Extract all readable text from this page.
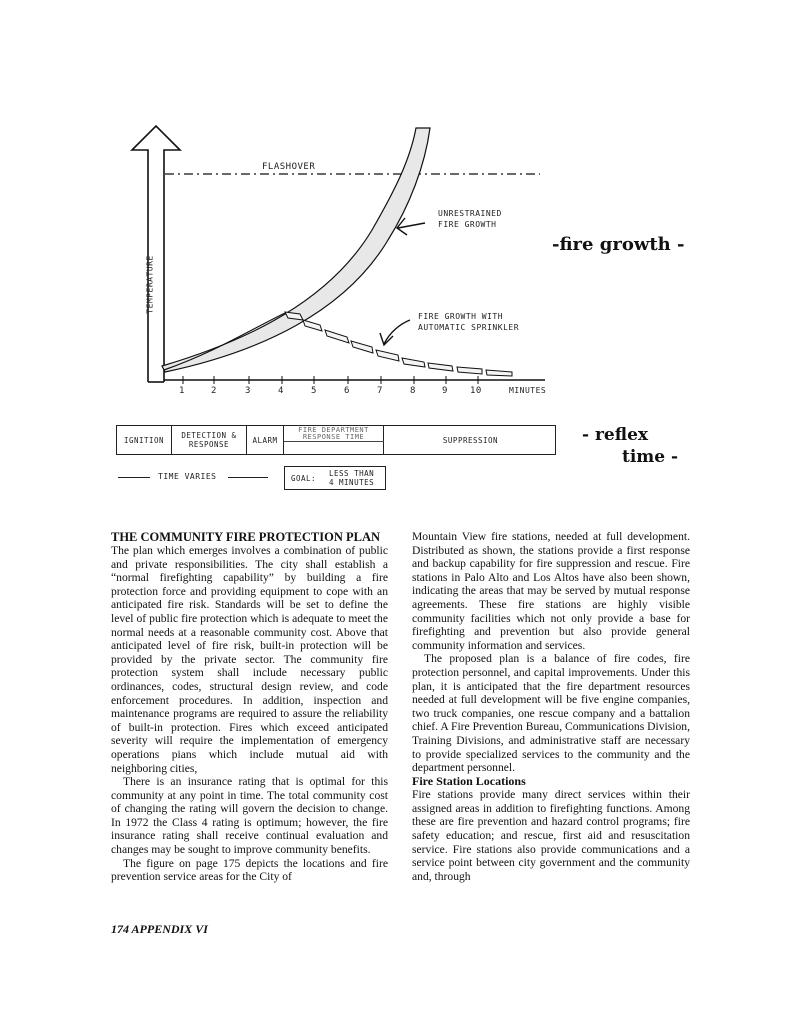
FLASHOVER
UNRESTRAINED
FIRE GROWTH
FIRE GROWTH WITH
AUTOMATIC SPRINKLER
TEMPERATURE
1	2	3	4	5	6	7	8	9 10	MINUTES
-fire growth -
- reflex
time -
IGNITION	DETECTION &
RESPONSE	ALARM
FIRE DEPARTMENT
RESPONSE TIME	SUPPRESSION
TIME VARIES	GOAL:
LESS THAN
4 MINUTES

THE COMMUNITY FIRE PROTECTION PLAN

The plan which emerges involves a combination of public and private responsibilities. The city shall establish a “normal firefighting capability” by building a fire protection force and providing equipment to cope with an anticipated fire risk. Standards will be set to define the level of public fire protection which is adequate to meet the normal needs at a reasonable community cost. Above that anticipated level of fire risk, built-in protection will be provided by the private sector. The community fire protection system shall include necessary public ordinances, codes, structural design review, and code enforcement procedures. In addition, inspection and maintenance programs are required to assure the reliability of built-in protection. Fires which exceed anticipated severity will require the implementation of emergency operations pians which include mutual aid with neighboring cities,

There is an insurance rating that is optimal for this community at any point in time. The total community cost of changing the rating will govern the decision to change. In 1972 the Class 4 rating is optimum; however, the fire insurance rating shall receive continual evaluation and changes may be sought to improve community benefits.

The figure on page 175 depicts the locations and fire prevention service areas for the City of

Mountain View fire stations, needed at full development. Distributed as shown, the stations provide a first response and backup capability for fire suppression and rescue. Fire stations in Palo Alto and Los Altos have also been shown, indicating the areas that may be served by mutual response agreements. These fire stations are highly visible community facilities which not only provide a base for firefighting and prevention but also provide general community information and services.

The proposed plan is a balance of fire codes, fire protection personnel, and capital improvements. Under this plan, it is anticipated that the fire department resources needed at full development will be five engine companies, two truck companies, one rescue company and a battalion chief. A Fire Prevention Bureau, Communications Division, Training Divisions, and administrative staff are necessary to provide specialized services to the community and the department personnel.

Fire Station Locations

Fire stations provide many direct services within their assigned areas in addition to firefighting functions. Among these are fire prevention and hazard control programs; fire safety education; and rescue, first aid and resuscitation service. Fire stations also provide communications and a service point between city government and the community and, through

174 APPENDIX VI
